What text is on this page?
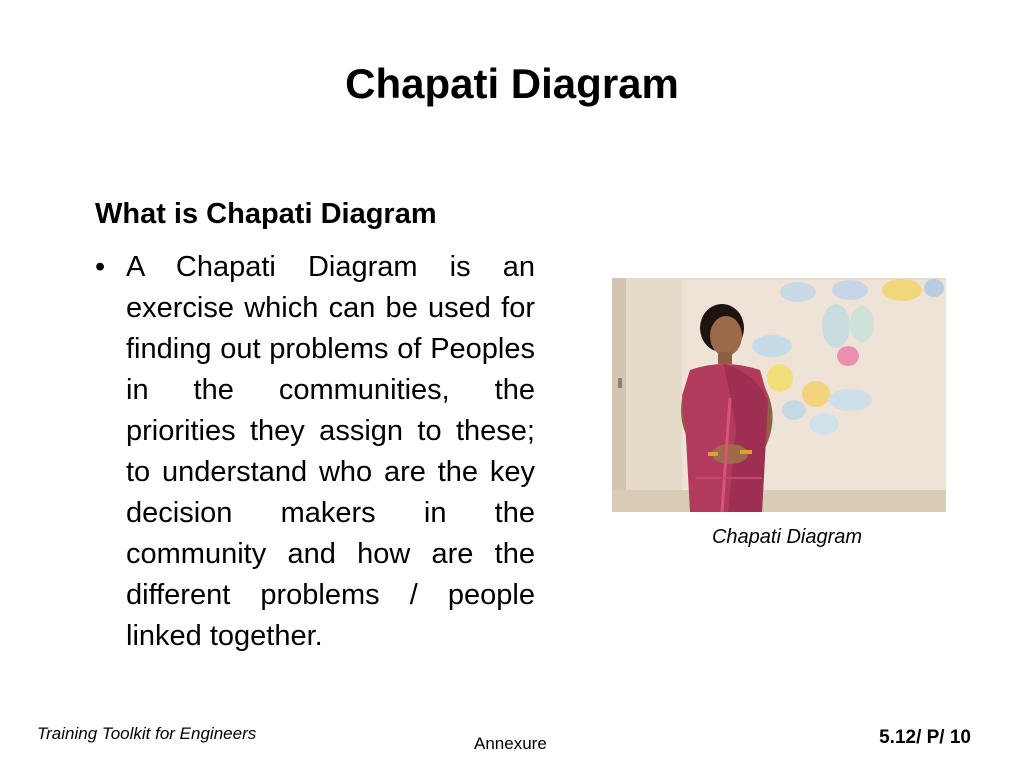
Chapati Diagram
What is Chapati Diagram
• A Chapati Diagram is an exercise which can be used for finding out problems of Peoples in the communities, the priorities they assign to these; to understand who are the key decision makers in the community and how are the different problems / people linked together.
Chapati Diagram
Training Toolkit for Engineers
Annexure	5.12/ P/ 10
